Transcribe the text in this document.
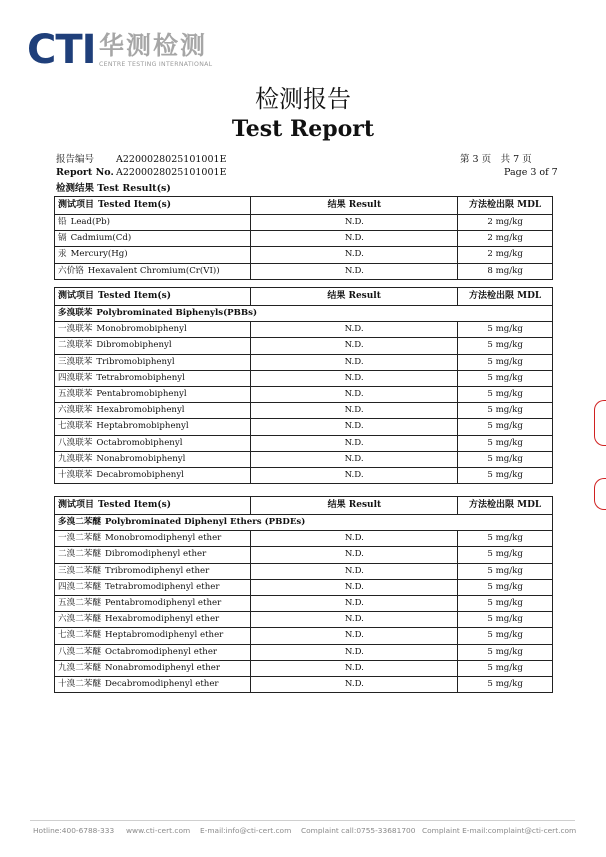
CTI 华测检测
CENTRE TESTING INTERNATIONAL
检测报告
Test Report
报告编号 A2200028025101001E
Report No. A2200028025101001E
第 3 页　共 7 页
Page 3 of 7
检测结果 Test Result(s)
测试项目 Tested Item(s)	结果 Result	方法检出限 MDL
铅 Lead(Pb)	N.D.	2 mg/kg
镉 Cadmium(Cd)	N.D.	2 mg/kg
汞 Mercury(Hg)	N.D.	2 mg/kg
六价铬 Hexavalent Chromium(Cr(VI))	N.D.	8 mg/kg
测试项目 Tested Item(s)	结果 Result	方法检出限 MDL
多溴联苯 Polybrominated Biphenyls(PBBs)		
一溴联苯 Monobromobiphenyl	N.D.	5 mg/kg
二溴联苯 Dibromobiphenyl	N.D.	5 mg/kg
三溴联苯 Tribromobiphenyl	N.D.	5 mg/kg
四溴联苯 Tetrabromobiphenyl	N.D.	5 mg/kg
五溴联苯 Pentabromobiphenyl	N.D.	5 mg/kg
六溴联苯 Hexabromobiphenyl	N.D.	5 mg/kg
七溴联苯 Heptabromobiphenyl	N.D.	5 mg/kg
八溴联苯 Octabromobiphenyl	N.D.	5 mg/kg
九溴联苯 Nonabromobiphenyl	N.D.	5 mg/kg
十溴联苯 Decabromobiphenyl	N.D.	5 mg/kg
测试项目 Tested Item(s)	结果 Result	方法检出限 MDL
多溴二苯醚 Polybrominated Diphenyl Ethers (PBDEs)		
一溴二苯醚 Monobromodiphenyl ether	N.D.	5 mg/kg
二溴二苯醚 Dibromodiphenyl ether	N.D.	5 mg/kg
三溴二苯醚 Tribromodiphenyl ether	N.D.	5 mg/kg
四溴二苯醚 Tetrabromodiphenyl ether	N.D.	5 mg/kg
五溴二苯醚 Pentabromodiphenyl ether	N.D.	5 mg/kg
六溴二苯醚 Hexabromodiphenyl ether	N.D.	5 mg/kg
七溴二苯醚 Heptabromodiphenyl ether	N.D.	5 mg/kg
八溴二苯醚 Octabromodiphenyl ether	N.D.	5 mg/kg
九溴二苯醚 Nonabromodiphenyl ether	N.D.	5 mg/kg
十溴二苯醚 Decabromodiphenyl ether	N.D.	5 mg/kg
Hotline:400-6788-333 www.cti-cert.com E-mail:info@cti-cert.com Complaint call:0755-33681700 Complaint E-mail:complaint@cti-cert.com
